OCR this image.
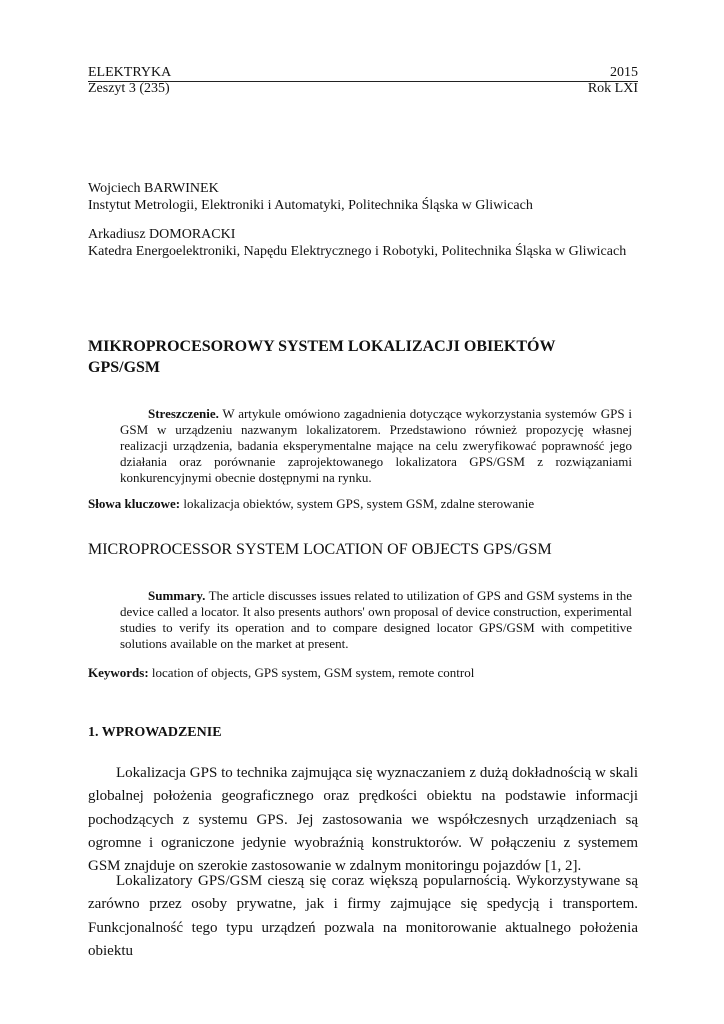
ELEKTRYKA	2015
Zeszyt 3 (235)	Rok LXI
Wojciech BARWINEK
Instytut Metrologii, Elektroniki i Automatyki, Politechnika Śląska w Gliwicach
Arkadiusz DOMORACKI
Katedra Energoelektroniki, Napędu Elektrycznego i Robotyki, Politechnika Śląska w Gliwicach
MIKROPROCESOROWY SYSTEM LOKALIZACJI OBIEKTÓW GPS/GSM
Streszczenie. W artykule omówiono zagadnienia dotyczące wykorzystania systemów GPS i GSM w urządzeniu nazwanym lokalizatorem. Przedstawiono również propozycję własnej realizacji urządzenia, badania eksperymentalne mające na celu zweryfikować poprawność jego działania oraz porównanie zaprojektowanego lokalizatora GPS/GSM z rozwiązaniami konkurencyjnymi obecnie dostępnymi na rynku.
Słowa kluczowe: lokalizacja obiektów, system GPS, system GSM, zdalne sterowanie
MICROPROCESSOR SYSTEM LOCATION OF OBJECTS GPS/GSM
Summary. The article discusses issues related to utilization of GPS and GSM systems in the device called a locator. It also presents authors' own proposal of device construction, experimental studies to verify its operation and to compare designed locator GPS/GSM with competitive solutions available on the market at present.
Keywords: location of objects, GPS system, GSM system, remote control
1. WPROWADZENIE
Lokalizacja GPS to technika zajmująca się wyznaczaniem z dużą dokładnością w skali globalnej położenia geograficznego oraz prędkości obiektu na podstawie informacji pochodzących z systemu GPS. Jej zastosowania we współczesnych urządzeniach są ogromne i ograniczone jedynie wyobraźnią konstruktorów. W połączeniu z systemem GSM znajduje on szerokie zastosowanie w zdalnym monitoringu pojazdów [1, 2].
Lokalizatory GPS/GSM cieszą się coraz większą popularnością. Wykorzystywane są zarówno przez osoby prywatne, jak i firmy zajmujące się spedycją i transportem. Funkcjonalność tego typu urządzeń pozwala na monitorowanie aktualnego położenia obiektu
